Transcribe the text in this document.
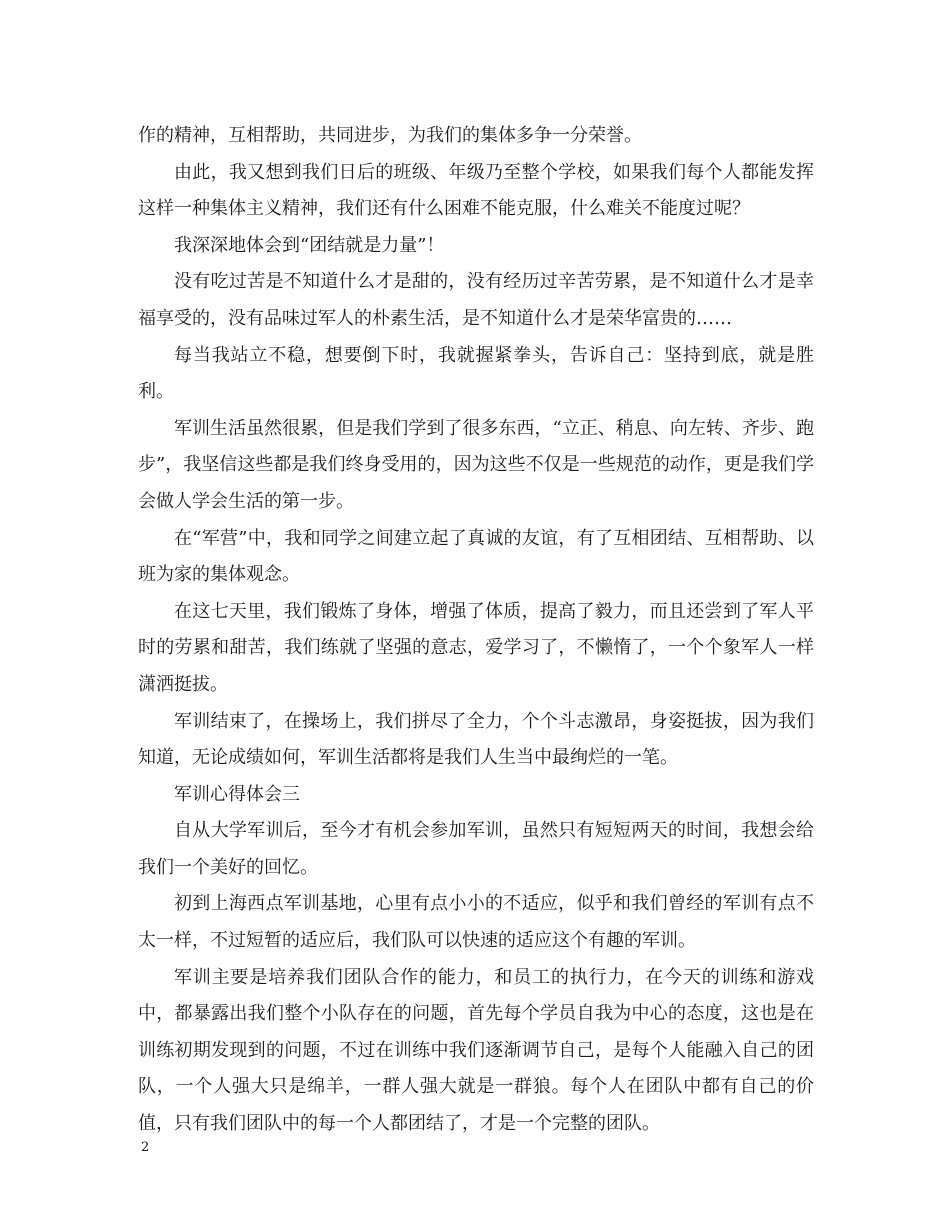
作的精神，互相帮助，共同进步，为我们的集体多争一分荣誉。

由此，我又想到我们日后的班级、年级乃至整个学校，如果我们每个人都能发挥这样一种集体主义精神，我们还有什么困难不能克服，什么难关不能度过呢？

我深深地体会到“团结就是力量”！

没有吃过苦是不知道什么才是甜的，没有经历过辛苦劳累，是不知道什么才是幸福享受的，没有品味过军人的朴素生活，是不知道什么才是荣华富贵的……

每当我站立不稳，想要倒下时，我就握紧拳头，告诉自己：坚持到底，就是胜利。

军训生活虽然很累，但是我们学到了很多东西，“立正、稍息、向左转、齐步、跑步”，我坚信这些都是我们终身受用的，因为这些不仅是一些规范的动作，更是我们学会做人学会生活的第一步。

在“军营”中，我和同学之间建立起了真诚的友谊，有了互相团结、互相帮助、以班为家的集体观念。

在这七天里，我们锻炼了身体，增强了体质，提高了毅力，而且还尝到了军人平时的劳累和甜苦，我们练就了坚强的意志，爱学习了，不懒惰了，一个个象军人一样潇洒挺拔。

军训结束了，在操场上，我们拼尽了全力，个个斗志激昂，身姿挺拔，因为我们知道，无论成绩如何，军训生活都将是我们人生当中最绚烂的一笔。

军训心得体会三

自从大学军训后，至今才有机会参加军训，虽然只有短短两天的时间，我想会给我们一个美好的回忆。

初到上海西点军训基地，心里有点小小的不适应，似乎和我们曾经的军训有点不太一样，不过短暂的适应后，我们队可以快速的适应这个有趣的军训。

军训主要是培养我们团队合作的能力，和员工的执行力，在今天的训练和游戏中，都暴露出我们整个小队存在的问题，首先每个学员自我为中心的态度，这也是在训练初期发现到的问题，不过在训练中我们逐渐调节自己，是每个人能融入自己的团队，一个人强大只是绵羊，一群人强大就是一群狼。每个人在团队中都有自己的价值，只有我们团队中的每一个人都团结了，才是一个完整的团队。

2
